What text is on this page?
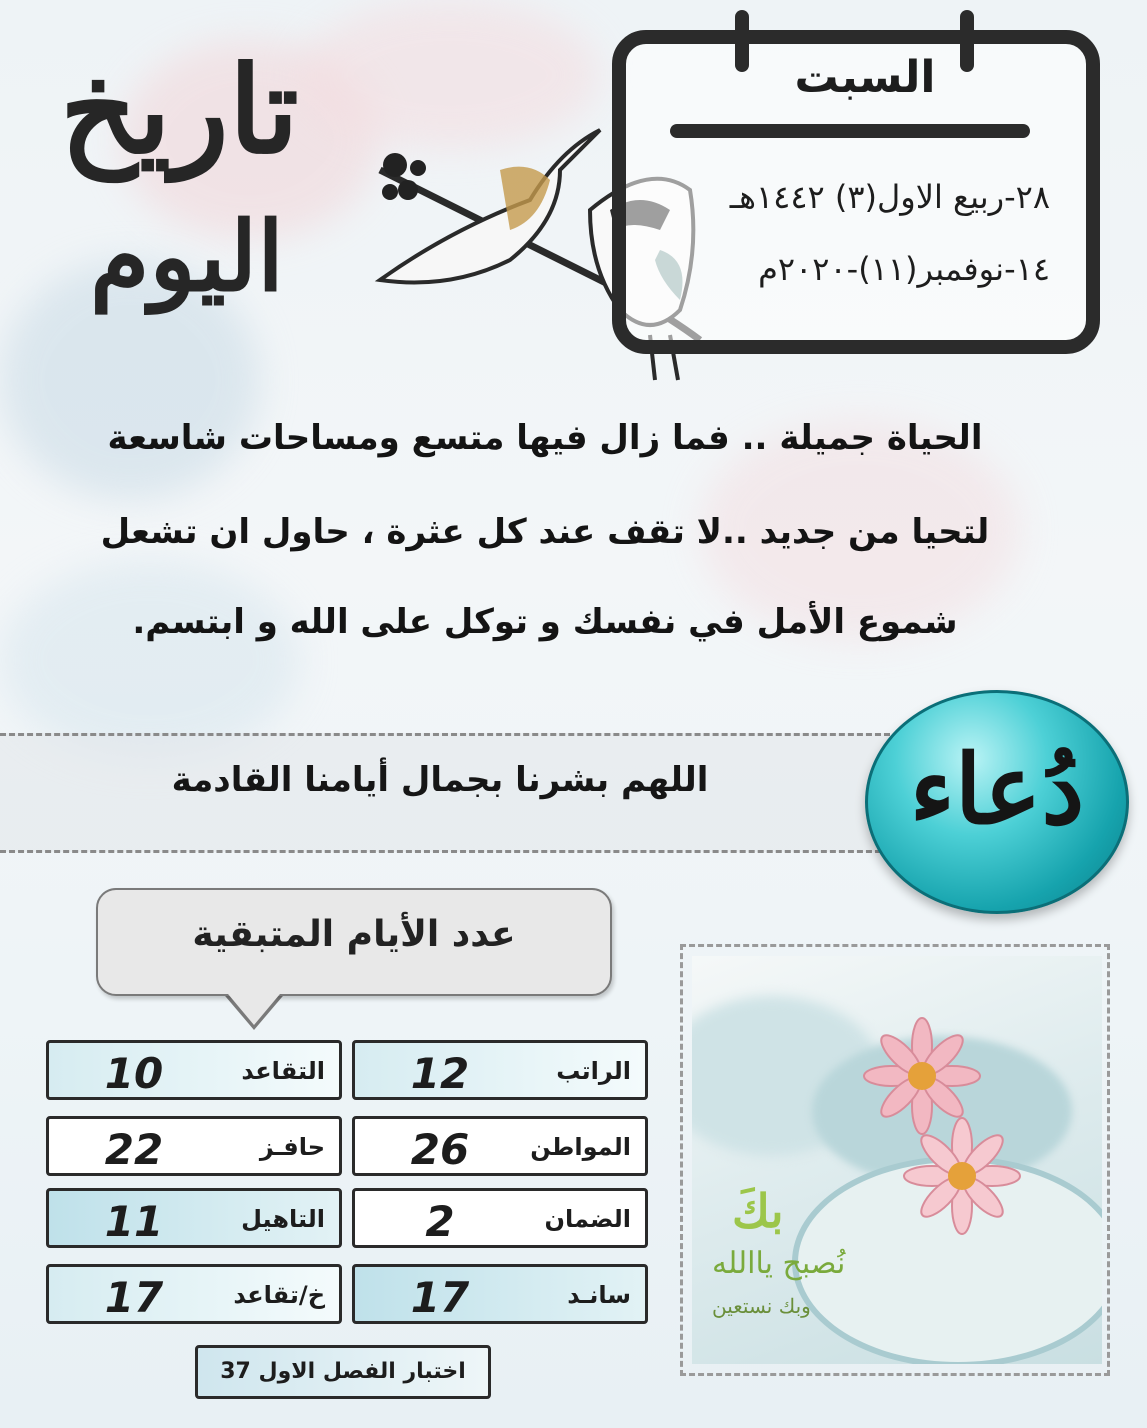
تاريخ
اليوم
السبت
٢٨-ربيع الاول(٣) ١٤٤٢هـ
١٤-نوفمبر(١١)-٢٠٢٠م
الحياة جميلة .. فما زال فيها متسع ومساحات شاسعة
لتحيا من جديد ..لا تقف عند كل عثرة ، حاول ان تشعل
شموع الأمل في نفسك و توكل على الله و ابتسم.
اللهم بشرنا بجمال أيامنا القادمة	دُعاء
عدد الأيام المتبقية
الراتب
12
المواطن
26
الضمان
2
سانـد
17
التقاعد
10
حافـز
22
التاهيل
11
خ/تقاعد
17
اختبار الفصل الاول 37
بكَ
نُصبح ياالله
وبك نستعين
